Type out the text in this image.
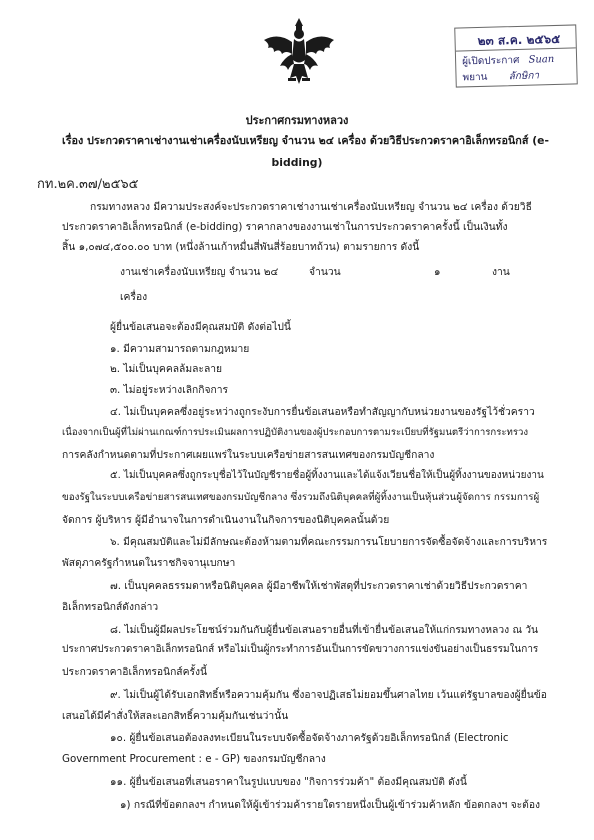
๒๓ ส.ค. ๒๕๖๕
ผู้เปิดประกาศ Suan
พยาน ลักษิกา
ประกาศกรมทางหลวง
เรื่อง ประกวดราคาเช่างานเช่าเครื่องนับเหรียญ จำนวน ๒๔ เครื่อง ด้วยวิธีประกวดราคาอิเล็กทรอนิกส์ (e-
bidding)
กท.๒ค.๓๗/๒๕๖๕
กรมทางหลวง มีความประสงค์จะประกวดราคาเช่างานเช่าเครื่องนับเหรียญ จำนวน ๒๔ เครื่อง ด้วยวิธี
ประกวดราคาอิเล็กทรอนิกส์ (e-bidding) ราคากลางของงานเช่าในการประกวดราคาครั้งนี้ เป็นเงินทั้ง
สิ้น ๑,๐๗๔,๕๐๐.๐๐ บาท (หนึ่งล้านเก้าหมื่นสี่พันสี่ร้อยบาทถ้วน) ตามรายการ ดังนี้
งานเช่าเครื่องนับเหรียญ จำนวน ๒๔	จำนวน	๑	งาน
เครื่อง
ผู้ยื่นข้อเสนอจะต้องมีคุณสมบัติ ดังต่อไปนี้
๑. มีความสามารถตามกฎหมาย
๒. ไม่เป็นบุคคลล้มละลาย
๓. ไม่อยู่ระหว่างเลิกกิจการ
๔. ไม่เป็นบุคคลซึ่งอยู่ระหว่างถูกระงับการยื่นข้อเสนอหรือทำสัญญากับหน่วยงานของรัฐไว้ชั่วคราว
เนื่องจากเป็นผู้ที่ไม่ผ่านเกณฑ์การประเมินผลการปฏิบัติงานของผู้ประกอบการตามระเบียบที่รัฐมนตรีว่าการกระทรวง
การคลังกำหนดตามที่ประกาศเผยแพร่ในระบบเครือข่ายสารสนเทศของกรมบัญชีกลาง
๕. ไม่เป็นบุคคลซึ่งถูกระบุชื่อไว้ในบัญชีรายชื่อผู้ทิ้งงานและได้แจ้งเวียนชื่อให้เป็นผู้ทิ้งงานของหน่วยงาน
ของรัฐในระบบเครือข่ายสารสนเทศของกรมบัญชีกลาง ซึ่งรวมถึงนิติบุคคลที่ผู้ทิ้งงานเป็นหุ้นส่วนผู้จัดการ กรรมการผู้
จัดการ ผู้บริหาร ผู้มีอำนาจในการดำเนินงานในกิจการของนิติบุคคลนั้นด้วย
๖. มีคุณสมบัติและไม่มีลักษณะต้องห้ามตามที่คณะกรรมการนโยบายการจัดซื้อจัดจ้างและการบริหาร
พัสดุภาครัฐกำหนดในราชกิจจานุเบกษา
๗. เป็นบุคคลธรรมดาหรือนิติบุคคล ผู้มีอาชีพให้เช่าพัสดุที่ประกวดราคาเช่าด้วยวิธีประกวดราคา
อิเล็กทรอนิกส์ดังกล่าว
๘. ไม่เป็นผู้มีผลประโยชน์ร่วมกันกับผู้ยื่นข้อเสนอรายอื่นที่เข้ายื่นข้อเสนอให้แก่กรมทางหลวง ณ วัน
ประกาศประกวดราคาอิเล็กทรอนิกส์ หรือไม่เป็นผู้กระทำการอันเป็นการขัดขวางการแข่งขันอย่างเป็นธรรมในการ
ประกวดราคาอิเล็กทรอนิกส์ครั้งนี้
๙. ไม่เป็นผู้ได้รับเอกสิทธิ์หรือความคุ้มกัน ซึ่งอาจปฏิเสธไม่ยอมขึ้นศาลไทย เว้นแต่รัฐบาลของผู้ยื่นข้อ
เสนอได้มีคำสั่งให้สละเอกสิทธิ์ความคุ้มกันเช่นว่านั้น
๑๐. ผู้ยื่นข้อเสนอต้องลงทะเบียนในระบบจัดซื้อจัดจ้างภาครัฐด้วยอิเล็กทรอนิกส์ (Electronic
Government Procurement : e - GP) ของกรมบัญชีกลาง
๑๑. ผู้ยื่นข้อเสนอที่เสนอราคาในรูปแบบของ "กิจการร่วมค้า" ต้องมีคุณสมบัติ ดังนี้
๑) กรณีที่ข้อตกลงฯ กำหนดให้ผู้เข้าร่วมค้ารายใดรายหนึ่งเป็นผู้เข้าร่วมค้าหลัก ข้อตกลงฯ จะต้อง
